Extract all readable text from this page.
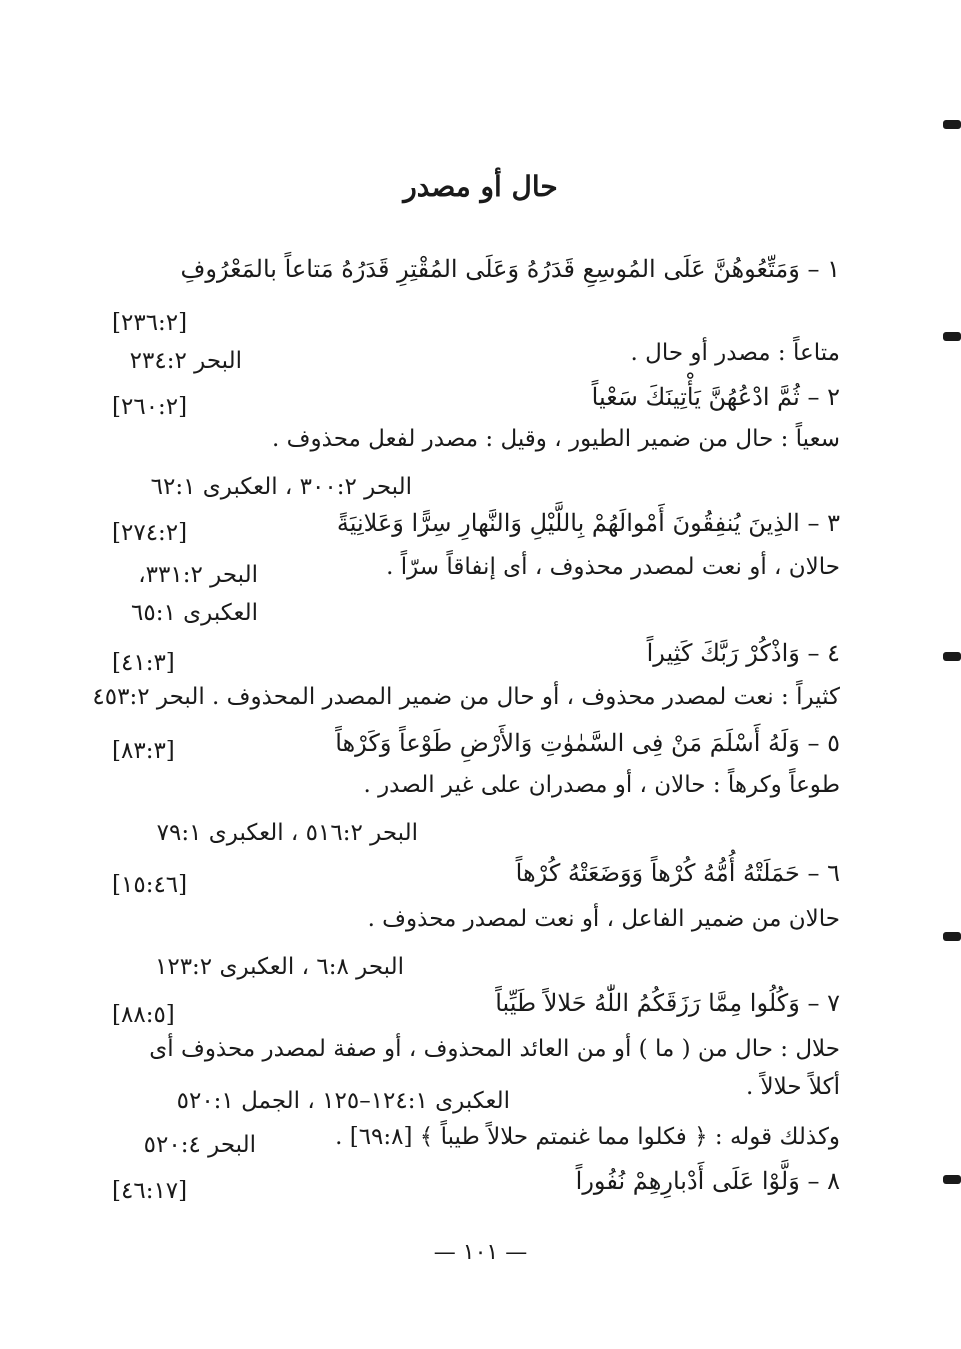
حال أو مصدر
١ – وَمَتِّعُوهُنَّ عَلَى المُوسِعِ قَدَرُهُ وَعَلَى المُقْتِرِ قَدَرُهُ مَتاعاً بالمَعْرُوفِ
[٢٣٦:٢]
متاعاً : مصدر أو حال .
البحر ٢٣٤:٢
٢ – ثُمَّ ادْعُهُنَّ يَأْتِينَكَ سَعْياً
[٢٦٠:٢]
سعياً : حال من ضمير الطيور ، وقيل : مصدر لفعل محذوف .
البحر ٣٠٠:٢ ، العكبرى ٦٢:١
٣ – الذِينَ يُنفِقُونَ أَمْوالَهُمْ بِاللَّيْلِ وَالنَّهارِ سِرًّا وَعَلانِيَةً
[٢٧٤:٢]
حالان ، أو نعت لمصدر محذوف ، أى إنفاقاً سرّاً .
البحر ٣٣١:٢،
العكبرى ٦٥:١
٤ – وَاذْكُرْ رَبَّكَ كَثِيراً
[٤١:٣]
كثيراً : نعت لمصدر محذوف ، أو حال من ضمير المصدر المحذوف . البحر ٤٥٣:٢
٥ – وَلَهُ أَسْلَمَ مَنْ فِى السَّمٰوٰتِ وَالأَرْضِ طَوْعاً وَكَرْهاً
[٨٣:٣]
طوعاً وكرهاً : حالان ، أو مصدران على غير الصدر .
البحر ٥١٦:٢ ، العكبرى ٧٩:١
٦ – حَمَلَتْهُ أُمُّهُ كُرْهاً وَوَضَعَتْهُ كُرْهاً
[١٥:٤٦]
حالان من ضمير الفاعل ، أو نعت لمصدر محذوف .
البحر ٦:٨ ، العكبرى ١٢٣:٢
٧ – وَكُلُوا مِمَّا رَزَقَكُمُ اللّٰهُ حَلالاً طَيِّباً
[٨٨:٥]
حلال : حال من ( ما ) أو من العائد المحذوف ، أو صفة لمصدر محذوف أى
أكلاً حلالاً .
العكبرى ١٢٤:١–١٢٥ ، الجمل ٥٢٠:١
وكذلك قوله : ﴿ فكلوا مما غنمتم حلالاً طيباً ﴾ [٦٩:٨] .
البحر ٥٢٠:٤
٨ – وَلَّوْا عَلَى أَدْبارِهِمْ نُفُوراً
[٤٦:١٧]
— ١٠١ —
